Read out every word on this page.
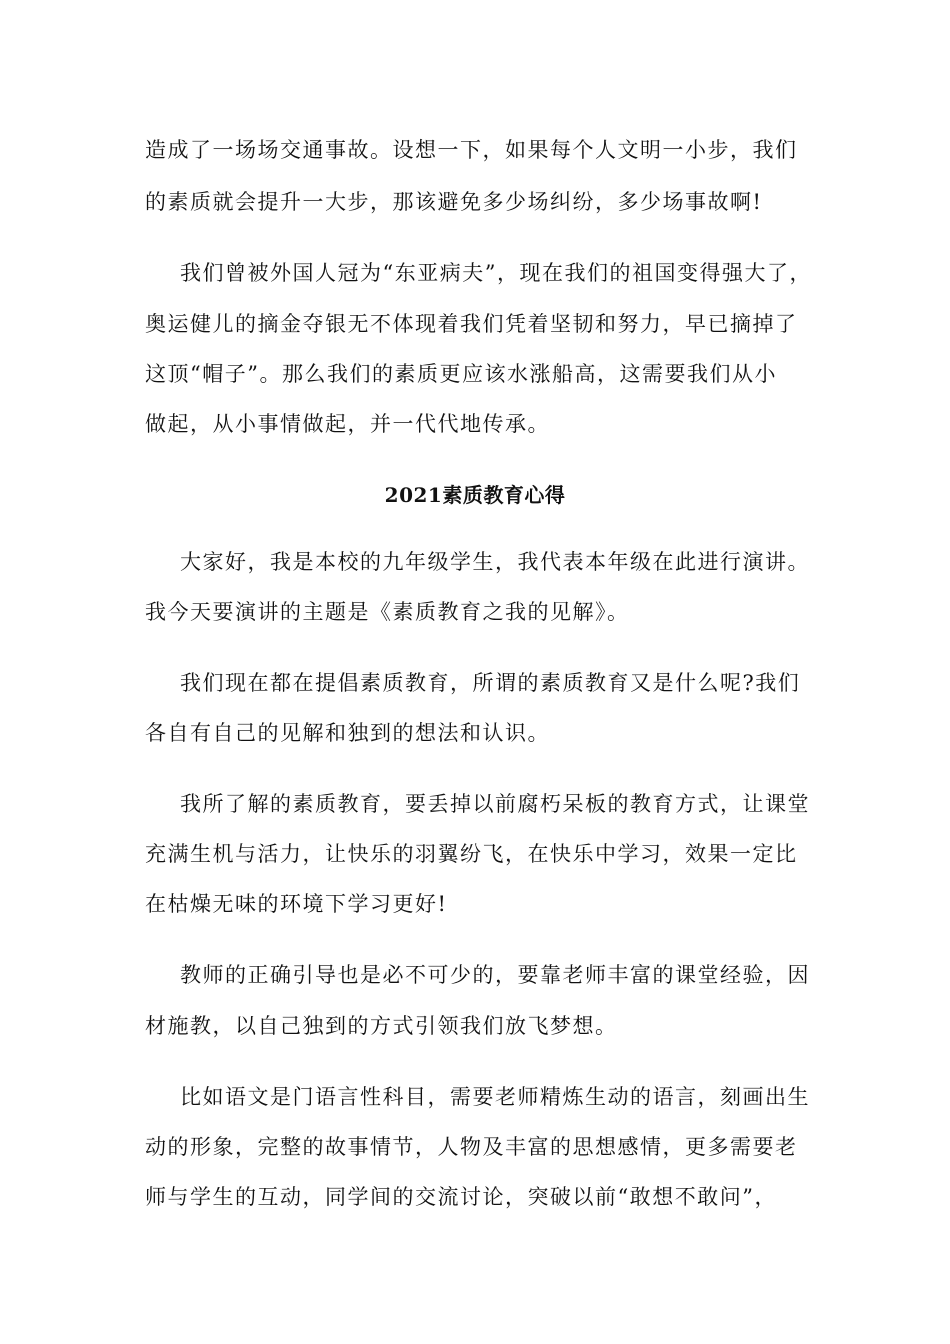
造成了一场场交通事故。设想一下，如果每个人文明一小步，我们
的素质就会提升一大步，那该避免多少场纠纷，多少场事故啊!
我们曾被外国人冠为“东亚病夫”，现在我们的祖国变得强大了，
奥运健儿的摘金夺银无不体现着我们凭着坚韧和努力，早已摘掉了
这顶“帽子”。那么我们的素质更应该水涨船高，这需要我们从小
做起，从小事情做起，并一代代地传承。
2021素质教育心得
大家好，我是本校的九年级学生，我代表本年级在此进行演讲。
我今天要演讲的主题是《素质教育之我的见解》。
我们现在都在提倡素质教育，所谓的素质教育又是什么呢?我们
各自有自己的见解和独到的想法和认识。
我所了解的素质教育，要丢掉以前腐朽呆板的教育方式，让课堂
充满生机与活力，让快乐的羽翼纷飞，在快乐中学习，效果一定比
在枯燥无味的环境下学习更好!
教师的正确引导也是必不可少的，要靠老师丰富的课堂经验，因
材施教，以自己独到的方式引领我们放飞梦想。
比如语文是门语言性科目，需要老师精炼生动的语言，刻画出生
动的形象，完整的故事情节，人物及丰富的思想感情，更多需要老
师与学生的互动，同学间的交流讨论，突破以前“敢想不敢问”，
